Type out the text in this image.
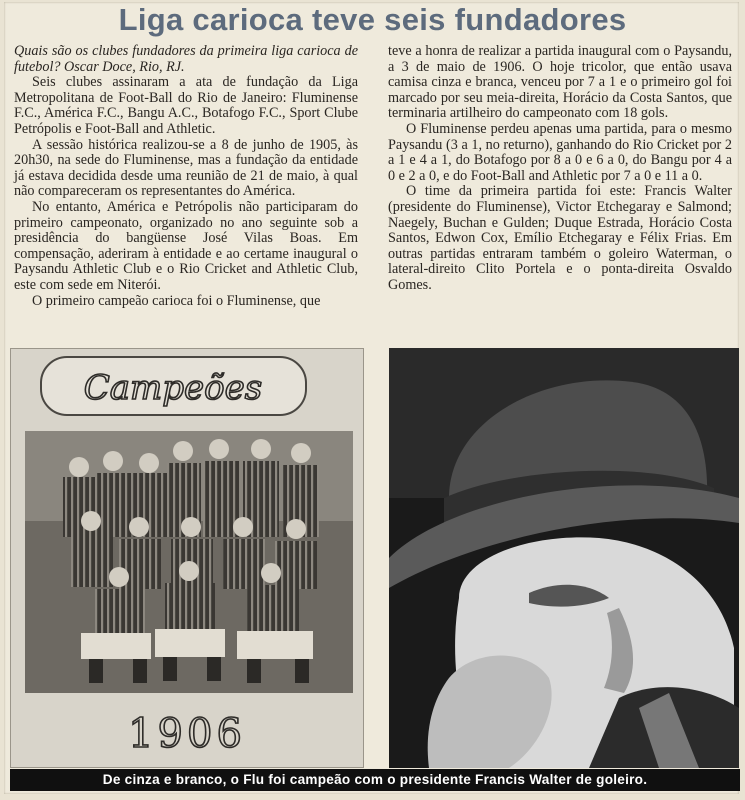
Liga carioca teve seis fundadores

Quais são os clubes fundadores da primeira liga carioca de futebol? Oscar Doce, Rio, RJ.

Seis clubes assinaram a ata de fundação da Liga Metropolitana de Foot-Ball do Rio de Janeiro: Fluminense F.C., América F.C., Bangu A.C., Botafogo F.C., Sport Clube Petrópolis e Foot-Ball and Athletic.

A sessão histórica realizou-se a 8 de junho de 1905, às 20h30, na sede do Fluminense, mas a fundação da entidade já estava decidida desde uma reunião de 21 de maio, à qual não compareceram os representantes do América.

No entanto, América e Petrópolis não participaram do primeiro campeonato, organizado no ano seguinte sob a presidência do bangüense José Vilas Boas. Em compensação, aderiram à entidade e ao certame inaugural o Paysandu Athletic Club e o Rio Cricket and Athletic Club, este com sede em Niterói.

O primeiro campeão carioca foi o Fluminense, que

teve a honra de realizar a partida inaugural com o Paysandu, a 3 de maio de 1906. O hoje tricolor, que então usava camisa cinza e branca, venceu por 7 a 1 e o primeiro gol foi marcado por seu meia-direita, Horácio da Costa Santos, que terminaria artilheiro do campeonato com 18 gols.

O Fluminense perdeu apenas uma partida, para o mesmo Paysandu (3 a 1, no returno), ganhando do Rio Cricket por 2 a 1 e 4 a 1, do Botafogo por 8 a 0 e 6 a 0, do Bangu por 4 a 0 e 2 a 0, e do Foot-Ball and Athletic por 7 a 0 e 11 a 0.

O time da primeira partida foi este: Francis Walter (presidente do Fluminense), Victor Etchegaray e Salmond; Naegely, Buchan e Gulden; Duque Estrada, Horácio Costa Santos, Edwon Cox, Emílio Etchegaray e Félix Frias. Em outras partidas entraram também o goleiro Waterman, o lateral-direito Clito Portela e o ponta-direita Osvaldo Gomes.

Campeões
1906
De cinza e branco, o Flu foi campeão com o presidente Francis Walter de goleiro.
